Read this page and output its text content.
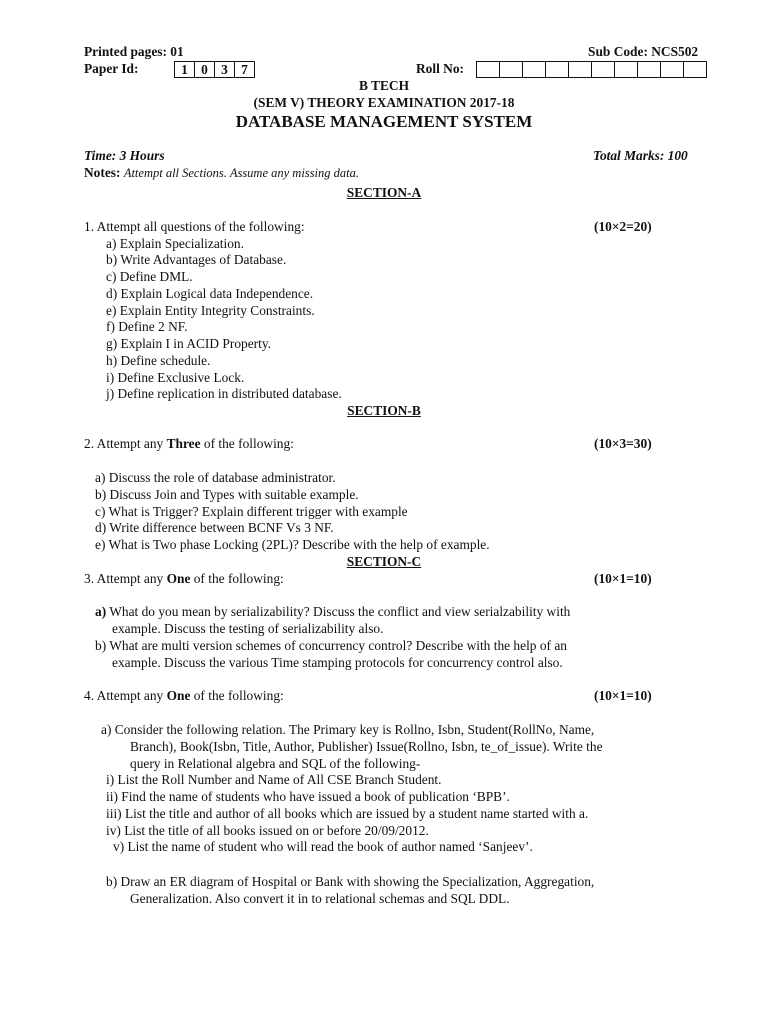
Printed pages: 01	Sub Code: NCS502
Paper Id:	1 0 3 7	Roll No:
B TECH
(SEM V) THEORY EXAMINATION 2017-18
DATABASE MANAGEMENT SYSTEM
Time: 3 Hours	Total Marks: 100
Notes: Attempt all Sections. Assume any missing data.
SECTION-A
1. Attempt all questions of the following:	(10×2=20)
a) Explain Specialization.
b) Write Advantages of Database.
c) Define DML.
d) Explain Logical data Independence.
e) Explain Entity Integrity Constraints.
f) Define 2 NF.
g) Explain I in ACID Property.
h) Define schedule.
i) Define Exclusive Lock.
j) Define replication in distributed database.
SECTION-B
2. Attempt any Three of the following:	(10×3=30)
a) Discuss the role of database administrator.
b) Discuss Join and Types with suitable example.
c) What is Trigger? Explain different trigger with example
d) Write difference between BCNF Vs 3 NF.
e) What is Two phase Locking (2PL)? Describe with the help of example.
SECTION-C
3. Attempt any One of the following:	(10×1=10)
a) What do you mean by serializability? Discuss the conflict and view serialzability with
example. Discuss the testing of serializability also.
b) What are multi version schemes of concurrency control? Describe with the help of an
example. Discuss the various Time stamping protocols for concurrency control also.
4. Attempt any One of the following:	(10×1=10)
a) Consider the following relation. The Primary key is Rollno, Isbn, Student(RollNo, Name,
Branch), Book(Isbn, Title, Author, Publisher) Issue(Rollno, Isbn, te_of_issue). Write the
query in Relational algebra and SQL of the following-
i) List the Roll Number and Name of All CSE Branch Student.
ii) Find the name of students who have issued a book of publication ‘BPB’.
iii) List the title and author of all books which are issued by a student name started with a.
iv) List the title of all books issued on or before 20/09/2012.
v) List the name of student who will read the book of author named ‘Sanjeev’.
b) Draw an ER diagram of Hospital or Bank with showing the Specialization, Aggregation,
Generalization. Also convert it in to relational schemas and SQL DDL.
